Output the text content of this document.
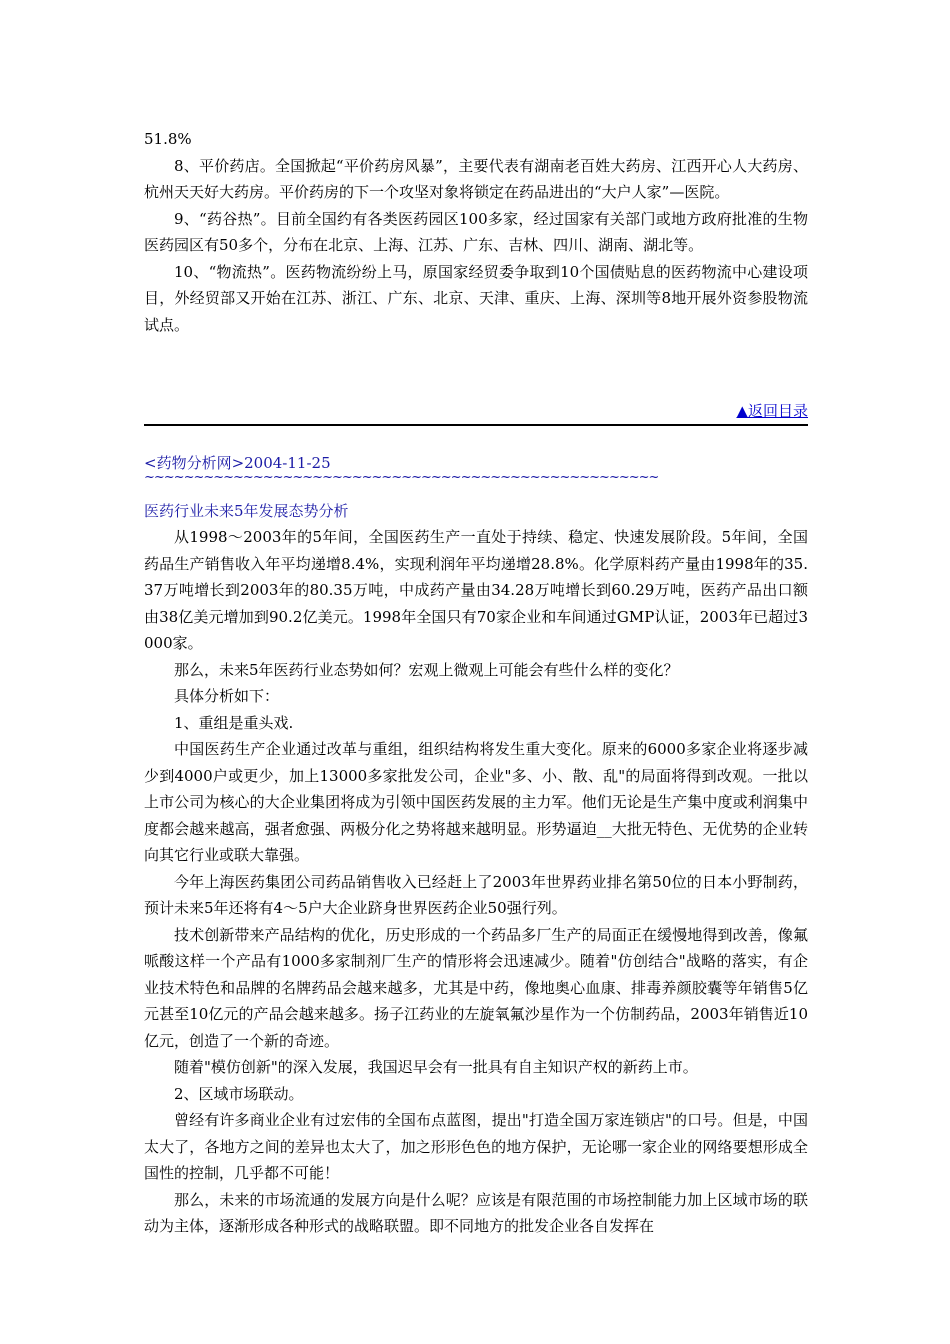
51.8%

8、平价药店。全国掀起“平价药房风暴”，主要代表有湖南老百姓大药房、江西开心人大药房、杭州天天好大药房。平价药房的下一个攻坚对象将锁定在药品进出的“大户人家”—医院。

9、“药谷热”。目前全国约有各类医药园区100多家，经过国家有关部门或地方政府批准的生物医药园区有50多个，分布在北京、上海、江苏、广东、吉林、四川、湖南、湖北等。

10、“物流热”。医药物流纷纷上马，原国家经贸委争取到10个国债贴息的医药物流中心建设项目，外经贸部又开始在江苏、浙江、广东、北京、天津、重庆、上海、深圳等8地开展外资参股物流试点。

▲返回目录
<药物分析网>2004-11-25
~~~~~~~~~~~~~~~~~~~~~~~~~~~~~~~~~~~~~~~~~~~~~~~~~~~~
医药行业未来5年发展态势分析

从1998～2003年的5年间，全国医药生产一直处于持续、稳定、快速发展阶段。5年间，全国药品生产销售收入年平均递增8.4%，实现利润年平均递增28.8%。化学原料药产量由1998年的35.37万吨增长到2003年的80.35万吨，中成药产量由34.28万吨增长到60.29万吨，医药产品出口额由38亿美元增加到90.2亿美元。1998年全国只有70家企业和车间通过GMP认证，2003年已超过3000家。

那么，未来5年医药行业态势如何？宏观上微观上可能会有些什么样的变化？

具体分析如下：

1、重组是重头戏.

中国医药生产企业通过改革与重组，组织结构将发生重大变化。原来的6000多家企业将逐步减少到4000户或更少，加上13000多家批发公司，企业"多、小、散、乱"的局面将得到改观。一批以上市公司为核心的大企业集团将成为引领中国医药发展的主力军。他们无论是生产集中度或利润集中度都会越来越高，强者愈强、两极分化之势将越来越明显。形势逼迫__大批无特色、无优势的企业转向其它行业或联大靠强。

今年上海医药集团公司药品销售收入已经赶上了2003年世界药业排名第50位的日本小野制药，预计未来5年还将有4～5户大企业跻身世界医药企业50强行列。

技术创新带来产品结构的优化，历史形成的一个药品多厂生产的局面正在缓慢地得到改善，像氟哌酸这样一个产品有1000多家制剂厂生产的情形将会迅速减少。随着"仿创结合"战略的落实，有企业技术特色和品牌的名牌药品会越来越多，尤其是中药，像地奥心血康、排毒养颜胶囊等年销售5亿元甚至10亿元的产品会越来越多。扬子江药业的左旋氧氟沙星作为一个仿制药品，2003年销售近10亿元，创造了一个新的奇迹。

随着"模仿创新"的深入发展，我国迟早会有一批具有自主知识产权的新药上市。

2、区域市场联动。

曾经有许多商业企业有过宏伟的全国布点蓝图，提出"打造全国万家连锁店"的口号。但是，中国太大了，各地方之间的差异也太大了，加之形形色色的地方保护，无论哪一家企业的网络要想形成全国性的控制，几乎都不可能！

那么，未来的市场流通的发展方向是什么呢？应该是有限范围的市场控制能力加上区域市场的联动为主体，逐渐形成各种形式的战略联盟。即不同地方的批发企业各自发挥在
